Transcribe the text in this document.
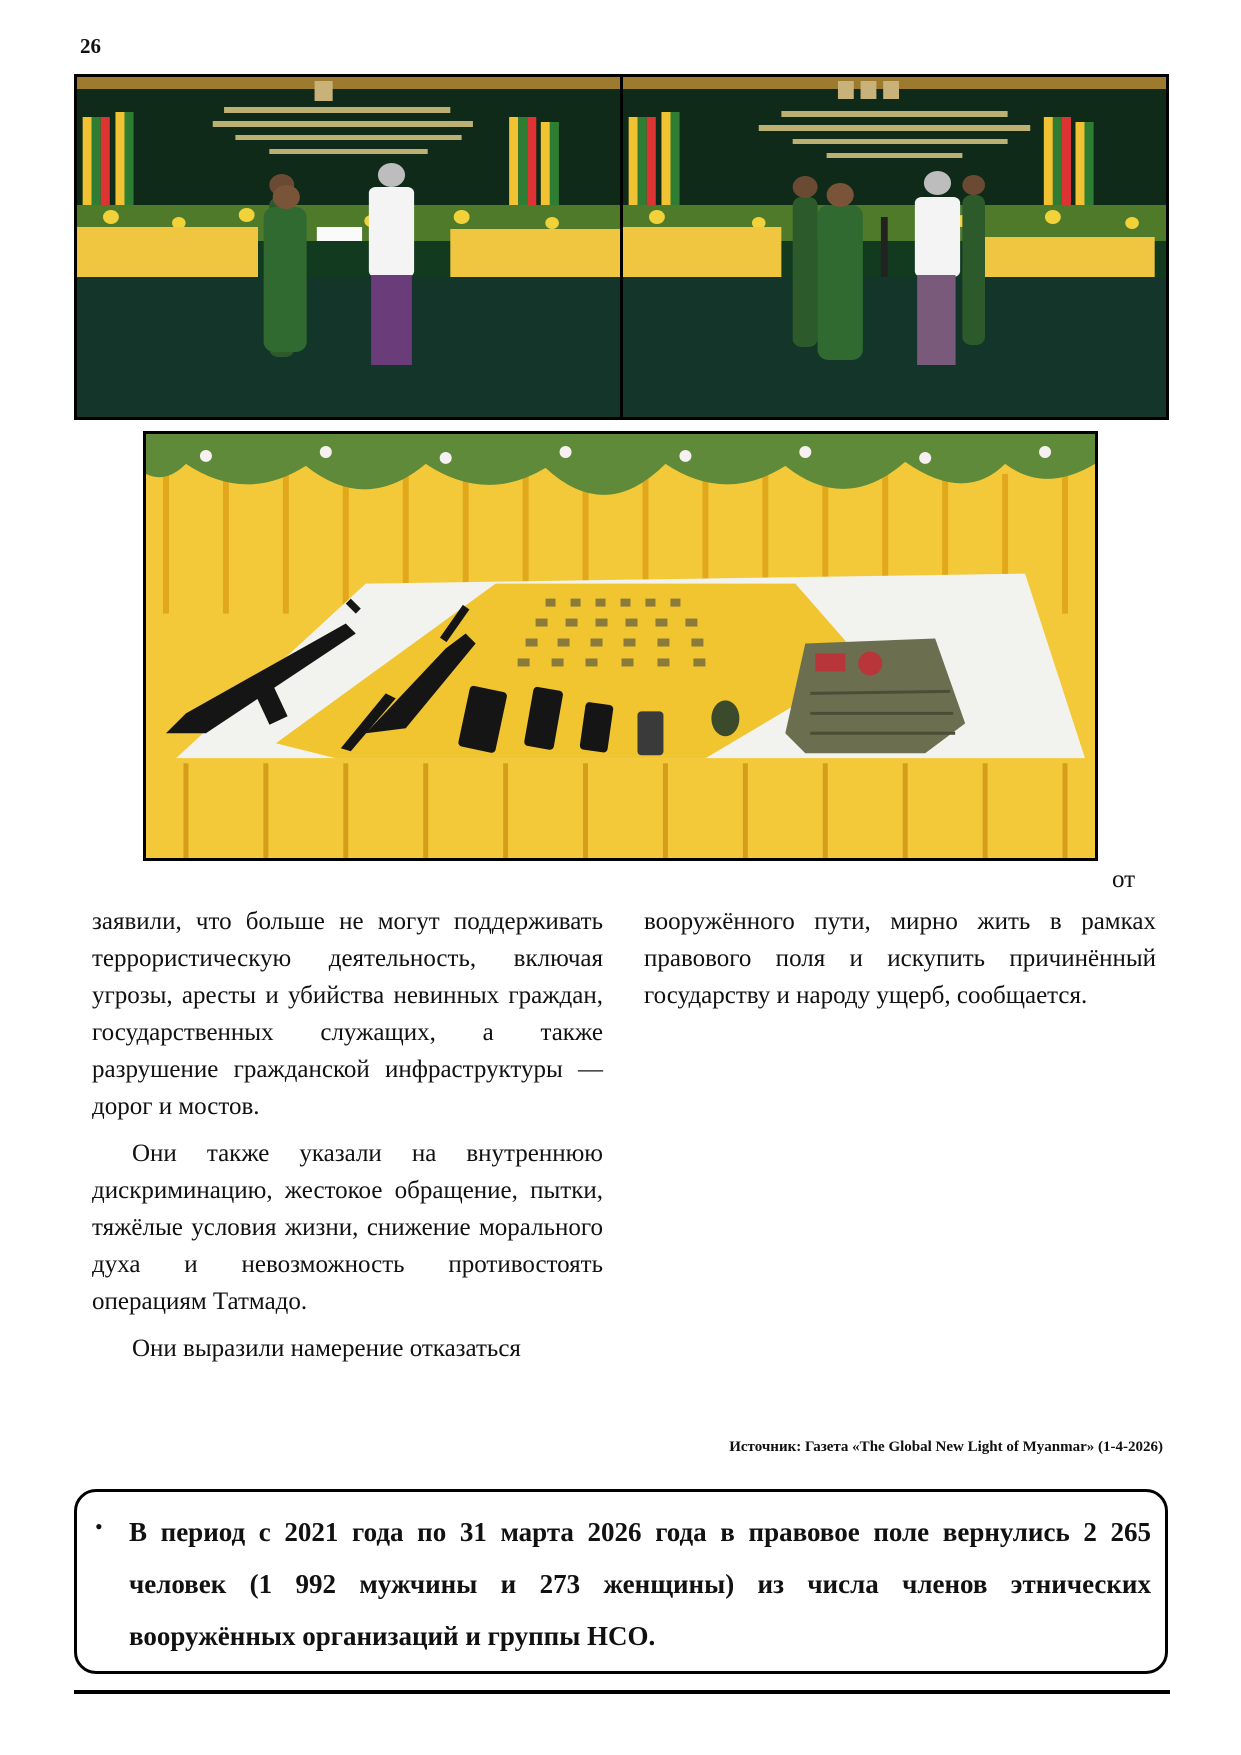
26
от

заявили, что больше не могут поддерживать террористическую деятельность, включая угрозы, аресты и убийства невинных граждан, государственных служащих, а также разрушение гражданской инфраструктуры — дорог и мостов.

Они также указали на внутреннюю дискриминацию, жестокое обращение, пытки, тяжёлые условия жизни, снижение морального духа и невозможность противостоять операциям Татмадо.

Они выразили намерение отказаться

вооружённого пути, мирно жить в рамках правового поля и искупить причинённый государству и народу ущерб, сообщается.

Источник: Газета «The Global New Light of Myanmar» (1-4-2026)
• В период с 2021 года по 31 марта 2026 года в правовое поле вернулись 2 265 человек (1 992 мужчины и 273 женщины) из числа членов этнических вооружённых организаций и группы НСО.
